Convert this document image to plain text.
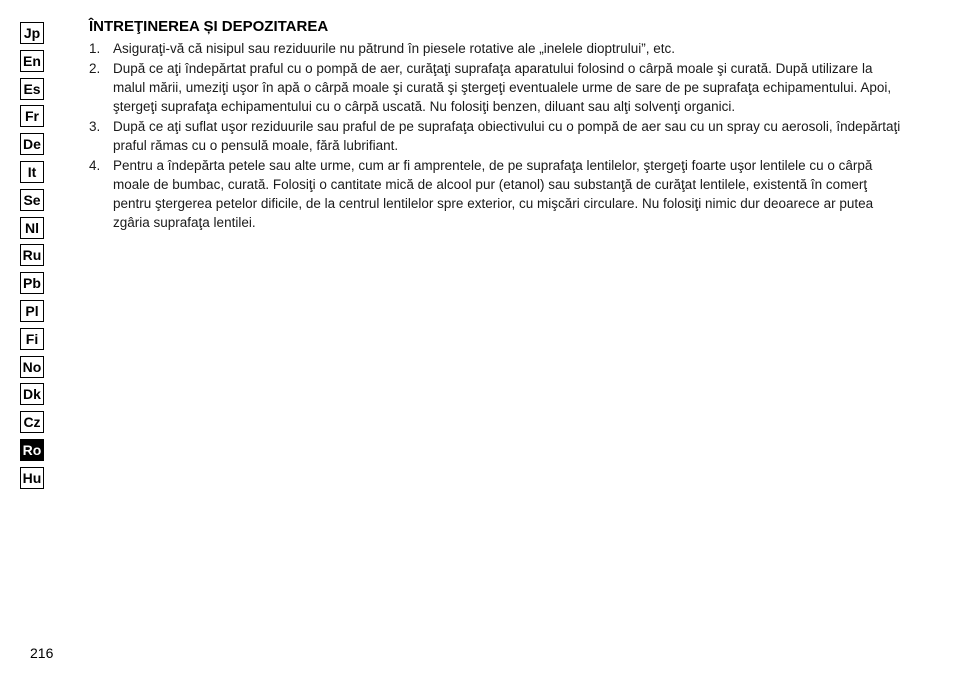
Jp
En
Es
Fr
De
It
Se
Nl
Ru
Pb
Pl
Fi
No
Dk
Cz
Ro
Hu
ÎNTREŢINEREA ȘI DEPOZITAREA
1. Asiguraţi-vă că nisipul sau reziduurile nu pătrund în piesele rotative ale „inelele dioptrului”, etc.
2. După ce aţi îndepărtat praful cu o pompă de aer, curăţaţi suprafaţa aparatului folosind o cârpă moale şi curată. După utilizare la malul mării, umeziţi uşor în apă o cârpă moale şi curată şi ştergeţi eventualele urme de sare de pe suprafaţa echipamentului. Apoi, ştergeţi suprafaţa echipamentului cu o cârpă uscată. Nu folosiţi benzen, diluant sau alţi solvenţi organici.
3. După ce aţi suflat uşor reziduurile sau praful de pe suprafaţa obiectivului cu o pompă de aer sau cu un spray cu aerosoli, îndepărtaţi praful rămas cu o pensulă moale, fără lubrifiant.
4. Pentru a îndepărta petele sau alte urme, cum ar fi amprentele, de pe suprafaţa lentilelor, ştergeţi foarte uşor lentilele cu o cârpă moale de bumbac, curată. Folosiţi o cantitate mică de alcool pur (etanol) sau substanţă de curăţat lentilele, existentă în comerţ pentru ştergerea petelor dificile, de la centrul lentilelor spre exterior, cu mişcări circulare. Nu folosiţi nimic dur deoarece ar putea zgâria suprafaţa lentilei.
216
